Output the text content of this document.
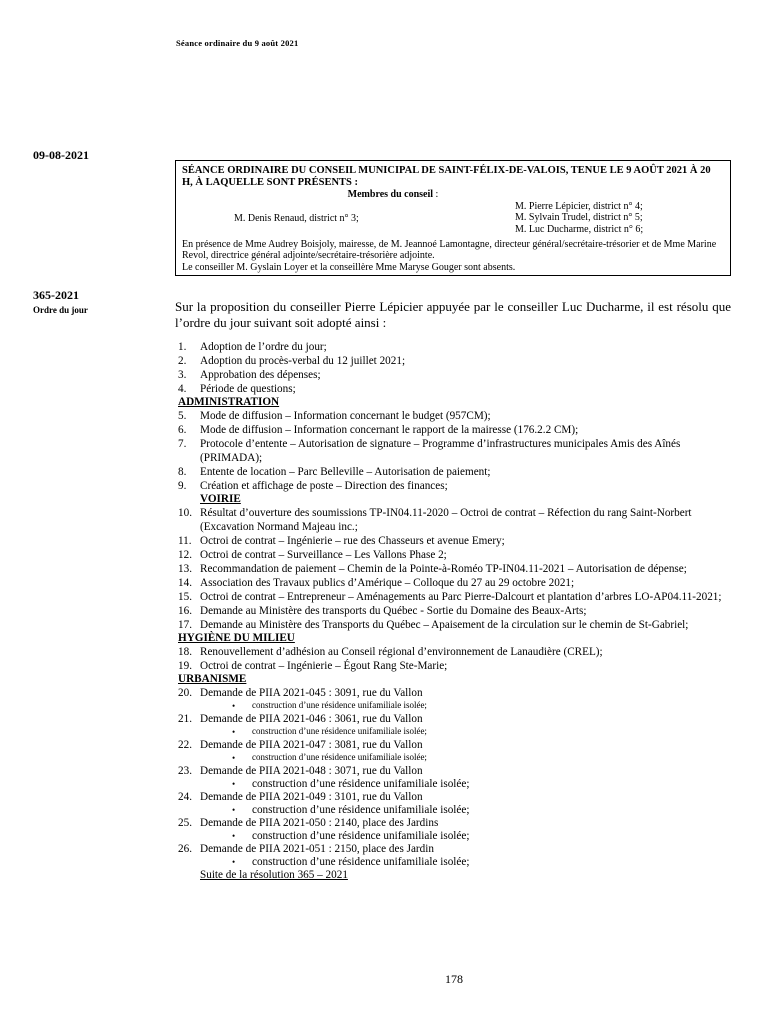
Séance ordinaire du 9 août 2021
09-08-2021
SÉANCE ORDINAIRE DU CONSEIL MUNICIPAL DE SAINT-FÉLIX-DE-VALOIS, TENUE LE 9 AOÛT 2021 À 20 H, À LAQUELLE SONT PRÉSENTS :
Membres du conseil :
M. Denis Renaud, district n° 3;
M. Pierre Lépicier, district n° 4;
M. Sylvain Trudel, district n° 5;
M. Luc Ducharme, district n° 6;
En présence de Mme Audrey Boisjoly, mairesse, de M. Jeannoé Lamontagne, directeur général/secrétaire-trésorier et de Mme Marine Revol, directrice général adjointe/secrétaire-trésorière adjointe.
Le conseiller M. Gyslain Loyer et la conseillère Mme Maryse Gouger sont absents.
365-2021
Ordre du jour	Sur la proposition du conseiller Pierre Lépicier appuyée par le conseiller Luc Ducharme, il est résolu que l’ordre du jour suivant soit adopté ainsi :
1.	Adoption de l’ordre du jour;
2.	Adoption du procès-verbal du 12 juillet 2021;
3.	Approbation des dépenses;
4.	Période de questions;
ADMINISTRATION
5.	Mode de diffusion – Information concernant le budget (957CM);
6.	Mode de diffusion – Information concernant le rapport de la mairesse (176.2.2 CM);
7.	Protocole d’entente – Autorisation de signature – Programme d’infrastructures municipales Amis des Aînés (PRIMADA);
8.	Entente de location – Parc Belleville – Autorisation de paiement;
9.	Création et affichage de poste – Direction des finances;
VOIRIE
10. Résultat d’ouverture des soumissions TP-IN04.11-2020 – Octroi de contrat – Réfection du rang Saint-Norbert (Excavation Normand Majeau inc.;
11. Octroi de contrat – Ingénierie – rue des Chasseurs et avenue Emery;
12. Octroi de contrat – Surveillance – Les Vallons Phase 2;
13. Recommandation de paiement – Chemin de la Pointe-à-Roméo TP-IN04.11-2021 – Autorisation de dépense;
14. Association des Travaux publics d’Amérique – Colloque du 27 au 29 octobre 2021;
15. Octroi de contrat – Entrepreneur – Aménagements au Parc Pierre-Dalcourt et plantation d’arbres LO-AP04.11-2021;
16. Demande au Ministère des transports du Québec - Sortie du Domaine des Beaux-Arts;
17. Demande au Ministère des Transports du Québec – Apaisement de la circulation sur le chemin de St-Gabriel;
HYGIÈNE DU MILIEU
18. Renouvellement d’adhésion au Conseil régional d’environnement de Lanaudière (CREL);
19. Octroi de contrat – Ingénierie – Égout Rang Ste-Marie;
URBANISME
20. Demande de PIIA 2021-045 : 3091, rue du Vallon
•	construction d’une résidence unifamiliale isolée;
21. Demande de PIIA 2021-046 : 3061, rue du Vallon
•	construction d’une résidence unifamiliale isolée;
22. Demande de PIIA 2021-047 : 3081, rue du Vallon
•	construction d’une résidence unifamiliale isolée;
23. Demande de PIIA 2021-048 : 3071, rue du Vallon
•	construction d’une résidence unifamiliale isolée;
24. Demande de PIIA 2021-049 : 3101, rue du Vallon
•	construction d’une résidence unifamiliale isolée;
25. Demande de PIIA 2021-050 : 2140, place des Jardins
•	construction d’une résidence unifamiliale isolée;
26. Demande de PIIA 2021-051 : 2150, place des Jardin
•	construction d’une résidence unifamiliale isolée;
Suite de la résolution 365 – 2021
178
